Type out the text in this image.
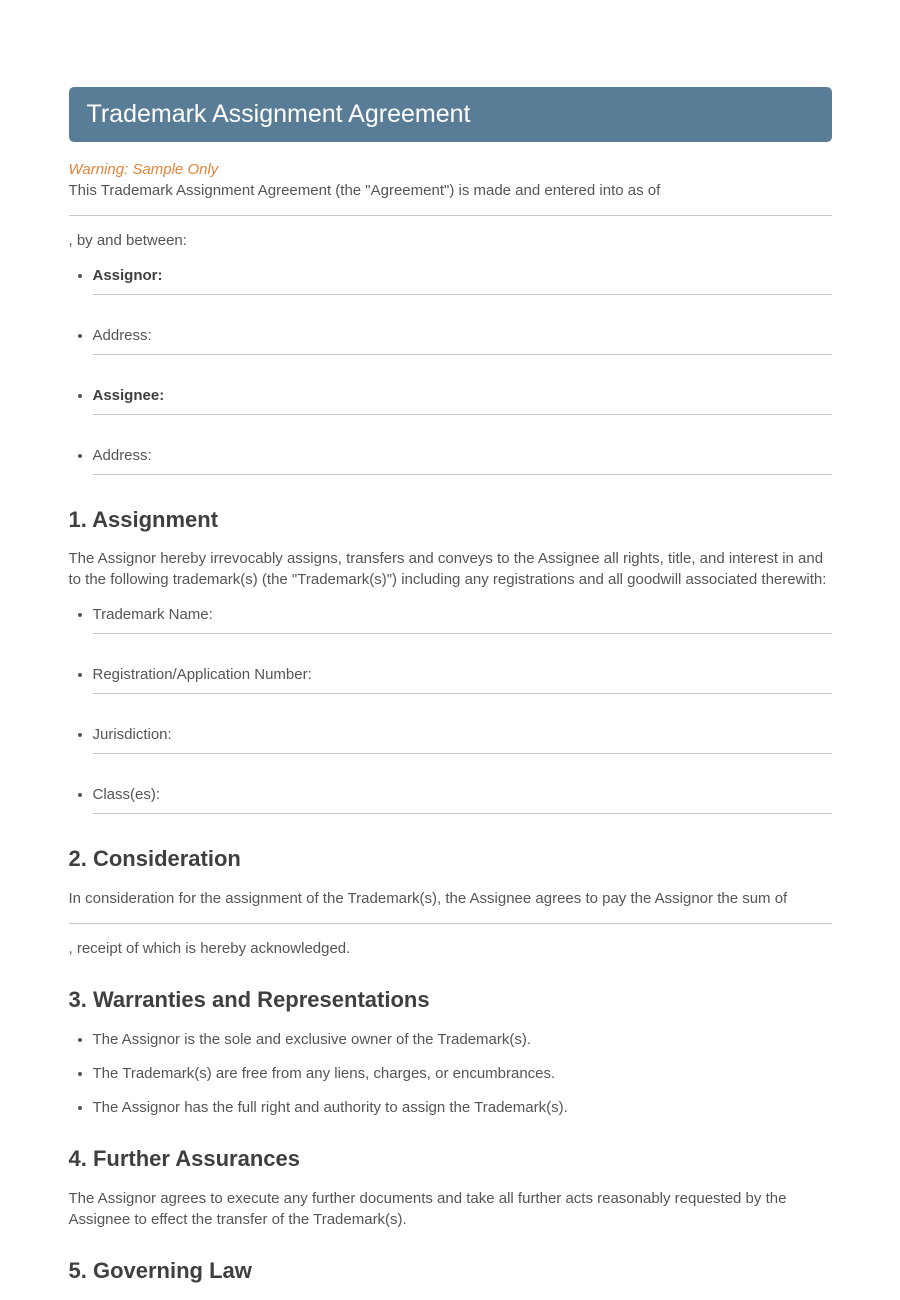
Trademark Assignment Agreement

Warning: Sample Only

This Trademark Assignment Agreement (the "Agreement") is made and entered into as of

, by and between:

• Assignor:
• Address:
• Assignee:
• Address:
1. Assignment

The Assignor hereby irrevocably assigns, transfers and conveys to the Assignee all rights, title, and interest in and to the following trademark(s) (the "Trademark(s)") including any registrations and all goodwill associated therewith:

• Trademark Name:
• Registration/Application Number:
• Jurisdiction:
• Class(es):
2. Consideration

In consideration for the assignment of the Trademark(s), the Assignee agrees to pay the Assignor the sum of

, receipt of which is hereby acknowledged.

3. Warranties and Representations
• The Assignor is the sole and exclusive owner of the Trademark(s).
• The Trademark(s) are free from any liens, charges, or encumbrances.
• The Assignor has the full right and authority to assign the Trademark(s).
4. Further Assurances

The Assignor agrees to execute any further documents and take all further acts reasonably requested by the Assignee to effect the transfer of the Trademark(s).

5. Governing Law
